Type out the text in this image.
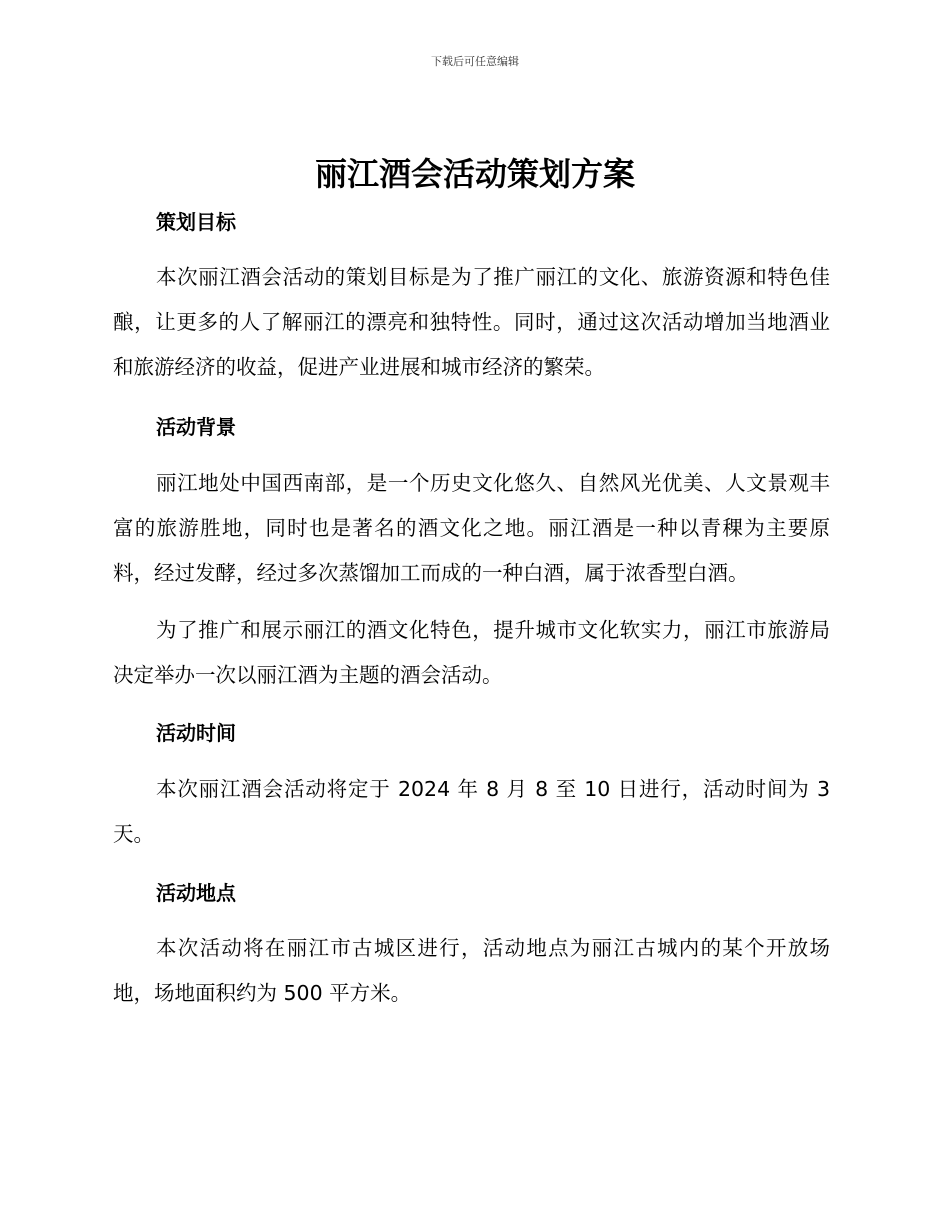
下载后可任意编辑
丽江酒会活动策划方案
策划目标

本次丽江酒会活动的策划目标是为了推广丽江的文化、旅游资源和特色佳酿，让更多的人了解丽江的漂亮和独特性。同时，通过这次活动增加当地酒业和旅游经济的收益，促进产业进展和城市经济的繁荣。

活动背景

丽江地处中国西南部，是一个历史文化悠久、自然风光优美、人文景观丰富的旅游胜地，同时也是著名的酒文化之地。丽江酒是一种以青稞为主要原料，经过发酵，经过多次蒸馏加工而成的一种白酒，属于浓香型白酒。

为了推广和展示丽江的酒文化特色，提升城市文化软实力，丽江市旅游局决定举办一次以丽江酒为主题的酒会活动。

活动时间

本次丽江酒会活动将定于 2024 年 8 月 8 至 10 日进行，活动时间为 3 天。

活动地点

本次活动将在丽江市古城区进行，活动地点为丽江古城内的某个开放场地，场地面积约为 500 平方米。
